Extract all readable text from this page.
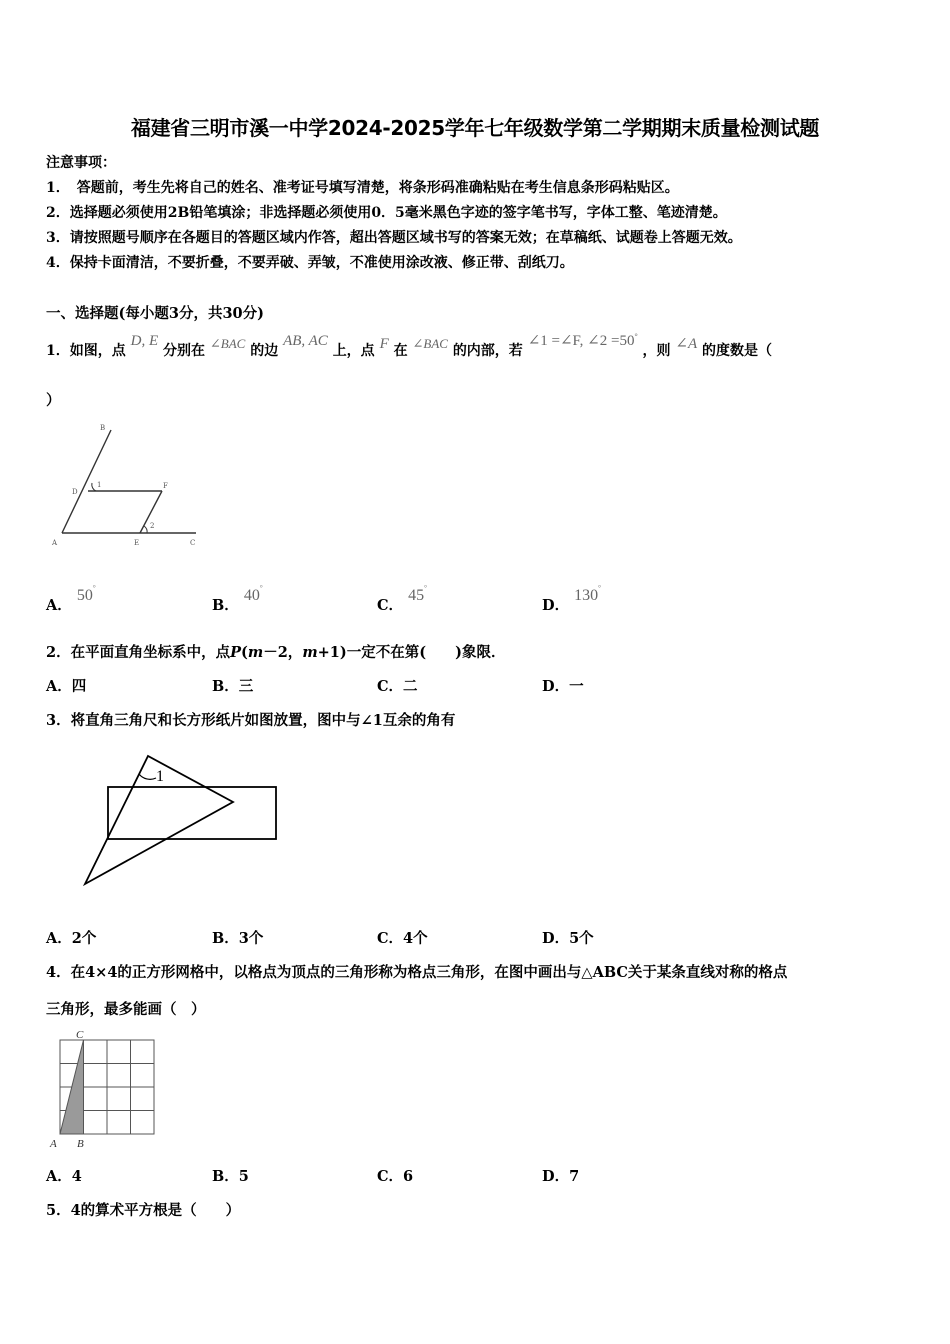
福建省三明市溪一中学2024-2025学年七年级数学第二学期期末质量检测试题
注意事项：
1．　答题前，考生先将自己的姓名、准考证号填写清楚，将条形码准确粘贴在考生信息条形码粘贴区。
2．选择题必须使用2B铅笔填涂；非选择题必须使用0．5毫米黑色字迹的签字笔书写，字体工整、笔迹清楚。
3．请按照题号顺序在各题目的答题区域内作答，超出答题区域书写的答案无效；在草稿纸、试题卷上答题无效。
4．保持卡面清洁，不要折叠，不要弄破、弄皱，不准使用涂改液、修正带、刮纸刀。
一、选择题(每小题3分，共30分)
1．如图，点 D, E 分别在 ∠BAC 的边 AB, AC 上，点 F 在 ∠BAC 的内部，若 ∠1 =∠F, ∠2 =50° ，则 ∠A 的度数是（
）
B
D
1	F
2
A	E	C
A． 50°
B． 40°
C． 45°
D． 130°
2．在平面直角坐标系中，点P(m－2，m+1)一定不在第(　　)象限．
A．四	B．三	C．二	D．一
3．将直角三角尺和长方形纸片如图放置，图中与∠1互余的角有
1
A．2个	B．3个	C．4个	D．5个
4．在4×4的正方形网格中，以格点为顶点的三角形称为格点三角形，在图中画出与△ABC关于某条直线对称的格点
三角形，最多能画（　）
C
A B
A．4	B．5	C．6	D．7
5．4的算术平方根是（　　）
